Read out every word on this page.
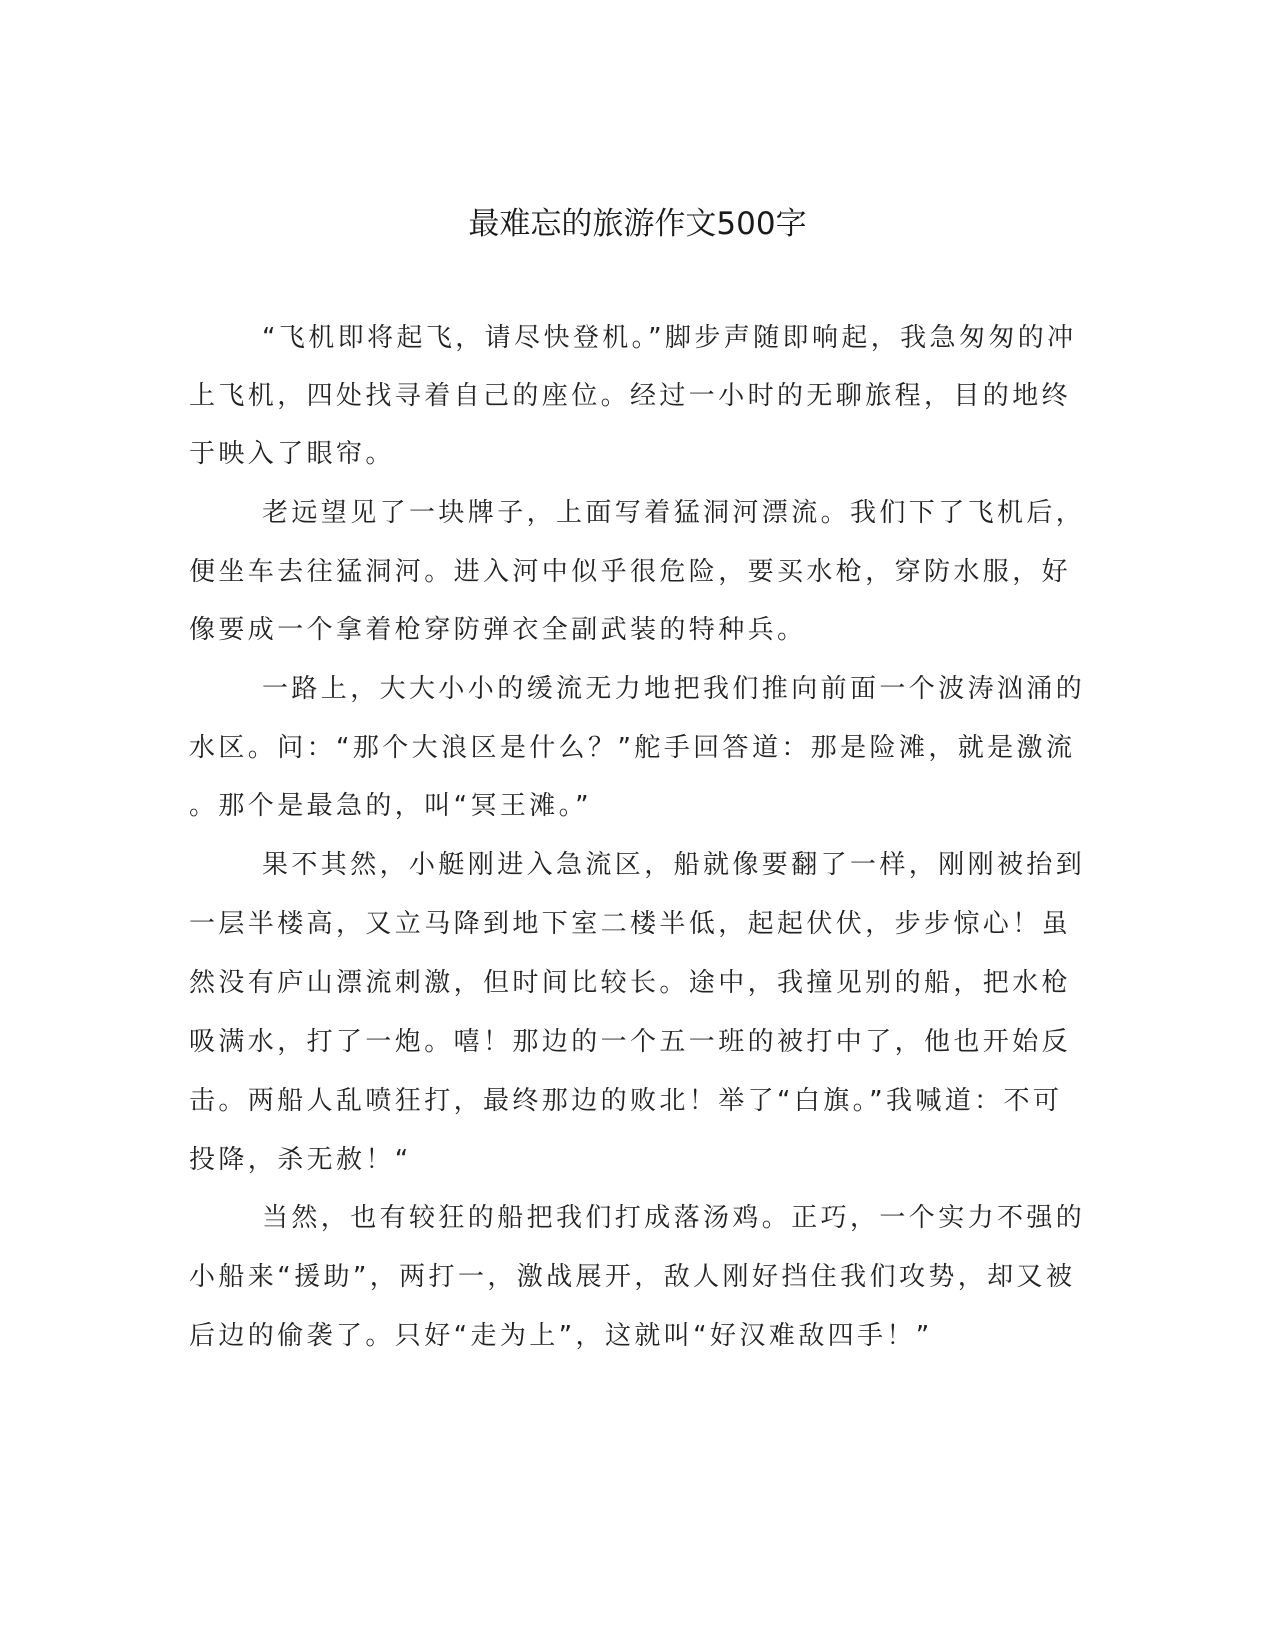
最难忘的旅游作文500字

“飞机即将起飞，请尽快登机。”脚步声随即响起，我急匆匆的冲

上飞机，四处找寻着自己的座位。经过一小时的无聊旅程，目的地终

于映入了眼帘。

老远望见了一块牌子，上面写着猛洞河漂流。我们下了飞机后，

便坐车去往猛洞河。进入河中似乎很危险，要买水枪，穿防水服，好

像要成一个拿着枪穿防弹衣全副武装的特种兵。

一路上，大大小小的缓流无力地把我们推向前面一个波涛汹涌的

水区。问：“那个大浪区是什么？”舵手回答道：那是险滩，就是激流

。那个是最急的，叫“冥王滩。”

果不其然，小艇刚进入急流区，船就像要翻了一样，刚刚被抬到

一层半楼高，又立马降到地下室二楼半低，起起伏伏，步步惊心！虽

然没有庐山漂流刺激，但时间比较长。途中，我撞见别的船，把水枪

吸满水，打了一炮。嘻！那边的一个五一班的被打中了，他也开始反

击。两船人乱喷狂打，最终那边的败北！举了“白旗。”我喊道：不可

投降，杀无赦！“

当然，也有较狂的船把我们打成落汤鸡。正巧，一个实力不强的

小船来“援助”，两打一，激战展开，敌人刚好挡住我们攻势，却又被

后边的偷袭了。只好“走为上”，这就叫“好汉难敌四手！”
